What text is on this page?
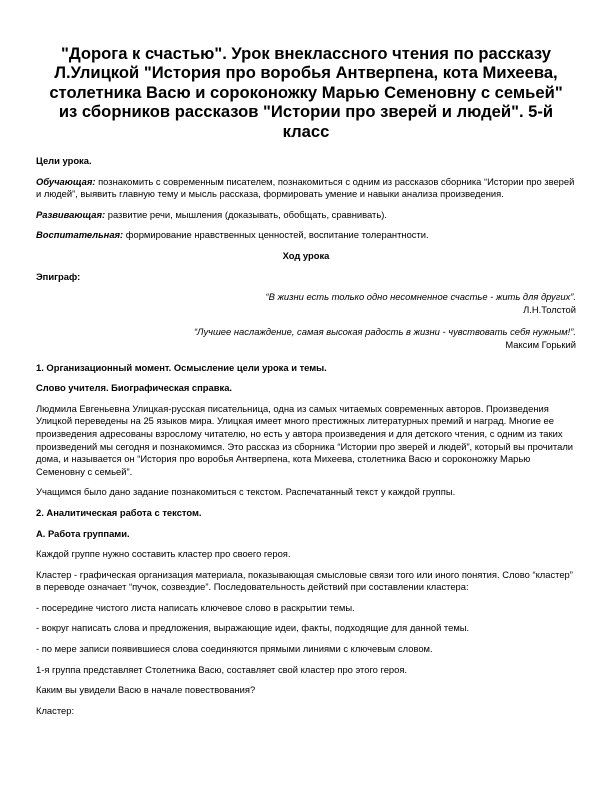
"Дорога к счастью". Урок внеклассного чтения по рассказу Л.Улицкой "История про воробья Антверпена, кота Михеева, столетника Васю и сороконожку Марью Семеновну с семьей" из сборников рассказов "Истории про зверей и людей". 5-й класс
Цели урока.
Обучающая: познакомить с современным писателем, познакомиться с одним из рассказов сборника “Истории про зверей и людей”, выявить главную тему и мысль рассказа, формировать умение и навыки анализа произведения.
Развивающая: развитие речи, мышления (доказывать, обобщать, сравнивать).
Воспитательная: формирование нравственных ценностей, воспитание толерантности.
Ход урока
Эпиграф:
“В жизни есть только одно несомненное счастье - жить для других”.
Л.Н.Толстой
“Лучшее наслаждение, самая высокая радость в жизни - чувствовать себя нужным!”.
Максим Горький
1. Организационный момент. Осмысление цели урока и темы.
Слово учителя. Биографическая справка.
Людмила Евгеньевна Улицкая-русская писательница, одна из самых читаемых современных авторов. Произведения Улицкой переведены на 25 языков мира. Улицкая имеет много престижных литературных премий и наград. Многие ее произведения адресованы взрослому читателю, но есть у автора произведения и для детского чтения, с одним из таких произведений мы сегодня и познакомимся. Это рассказ из сборника “Истории про зверей и людей”, который вы прочитали дома, и называется он “История про воробья Антверпена, кота Михеева, столетника Васю и сороконожку Марью Семеновну с семьей”.
Учащимся было дано задание познакомиться с текстом. Распечатанный текст у каждой группы.
2. Аналитическая работа с текстом.
А. Работа группами.
Каждой группе нужно составить кластер про своего героя.
Кластер - графическая организация материала, показывающая смысловые связи того или иного понятия. Слово “кластер” в переводе означает “пучок, созвездие”. Последовательность действий при составлении кластера:
- посередине чистого листа написать ключевое слово в раскрытии темы.
- вокруг написать слова и предложения, выражающие идеи, факты, подходящие для данной темы.
- по мере записи появившиеся слова соединяются прямыми линиями с ключевым словом.
1-я группа представляет Столетника Васю, составляет свой кластер про этого героя.
Каким вы увидели Васю в начале повествования?
Кластер:
